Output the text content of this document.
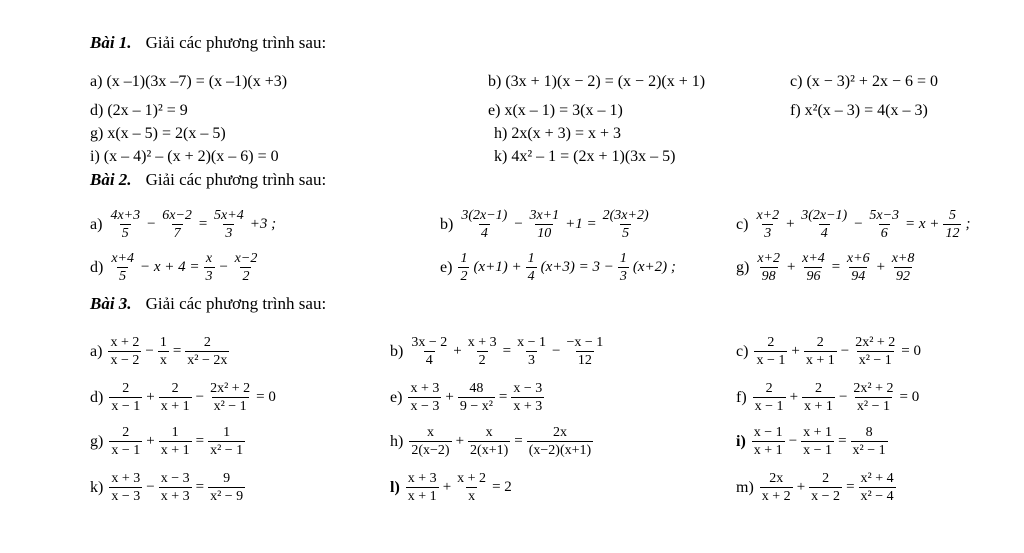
Bài 1. Giải các phương trình sau:
a) (x –1)(3x –7) = (x –1)(x +3)	b) (3x + 1)(x − 2) = (x − 2)(x + 1)	c) (x − 3)² + 2x − 6 = 0
d) (2x – 1)² = 9	e) x(x – 1) = 3(x – 1)	f) x²(x – 3) = 4(x – 3)
g) x(x – 5) = 2(x – 5)	h) 2x(x + 3) = x + 3
i) (x – 4)² – (x + 2)(x – 6) = 0	k) 4x² – 1 = (2x + 1)(3x – 5)
Bài 2. Giải các phương trình sau:
$a) \frac{4x+3}{5} - \frac{6x-2}{7} = \frac{5x+4}{3} +3$ ;	$b) \frac{3(2x-1)}{4} - \frac{3x+1}{10} +1 = \frac{2(3x+2)}{5}$	$c) \frac{x+2}{3} + \frac{3(2x-1)}{4} - \frac{5x-3}{6} = x + \frac{5}{12}$ ;
$d) \frac{x+4}{5} - x + 4 = \frac{x}{3} - \frac{x-2}{2}$	$e) \frac{1}{2} (x+1) + \frac{1}{4} (x+3) = 3 - \frac{1}{3} (x+2)$ ;	$g) \frac{x+2}{98} + \frac{x+4}{96} = \frac{x+6}{94} + \frac{x+8}{92}$
Bài 3. Giải các phương trình sau:
$a) \frac{x + 2}{x - 2} - \frac{1}{x} = \frac{2}{\text{x² − 2x}}$	$b) \frac{3x - 2}{4} + \frac{x + 3}{2} = \frac{x - 1}{3} - \frac{-x - 1}{12}$	$c) \frac{2}{x - 1} + \frac{2}{x + 1} - \frac{\text{2x² + 2}}{\text{x² − 1}} = 0$
$d) \frac{2}{x - 1} + \frac{2}{x + 1} - \frac{\text{2x² + 2}}{\text{x² − 1}} = 0$	$e) \frac{x + 3}{x - 3} + \frac{48}{\text{9 − x²}} = \frac{x - 3}{x + 3}$	$f) \frac{2}{x - 1} + \frac{2}{x + 1} - \frac{\text{2x² + 2}}{\text{x² − 1}} = 0$
$g) \frac{2}{x - 1} + \frac{1}{x + 1} = \frac{1}{\text{x² − 1}}$	$h) \frac{x}{2(x-2)} + \frac{x}{2(x+1)} = \frac{2x}{(x-2)(x+1)}$	$i) \frac{x - 1}{x + 1} - \frac{x + 1}{x - 1} = \frac{8}{\text{x² − 1}}$
$k) \frac{x + 3}{x - 3} - \frac{x - 3}{x + 3} = \frac{9}{\text{x² − 9}}$	$l) \frac{x + 3}{x + 1} + \frac{x + 2}{x} = 2$	$m) \frac{2x}{x + 2} + \frac{2}{x - 2} = \frac{\text{x² + 4}}{\text{x² − 4}}$
